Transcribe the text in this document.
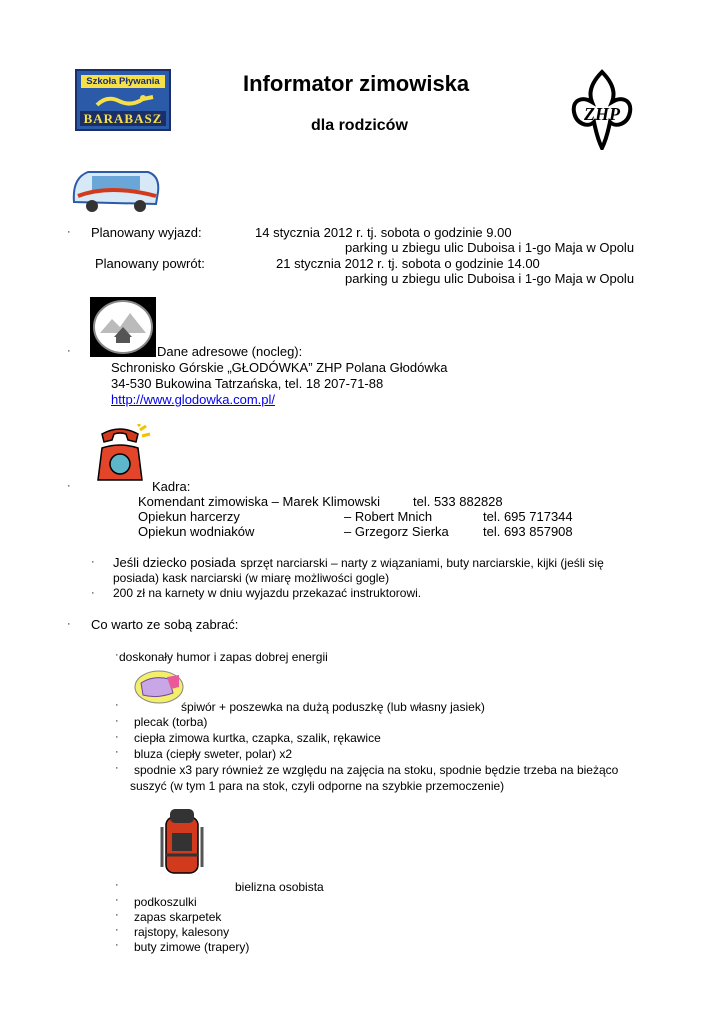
Szkoła Pływania
BARABASZ
Informator zimowiska
dla rodziców
ZHP
· Planowany wyjazd:	14 stycznia 2012 r. tj. sobota o godzinie 9.00
parking u zbiegu ulic Duboisa i 1-go Maja w Opolu
Planowany powrót:	21 stycznia 2012 r. tj. sobota o godzinie 14.00
parking u zbiegu ulic Duboisa i 1-go Maja w Opolu
·	Dane adresowe (nocleg):
Schronisko Górskie „GŁODÓWKA” ZHP Polana Głodówka
34-530 Bukowina Tatrzańska, tel. 18 207-71-88
http://www.glodowka.com.pl/
·	Kadra:
Komendant zimowiska – Marek Klimowski	tel. 533 882828
Opiekun harcerzy	– Robert Mnich	tel. 695 717344
Opiekun wodniaków	– Grzegorz Sierka	tel. 693 857908
· Jeśli dziecko posiada sprzęt narciarski – narty z wiązaniami, buty narciarskie, kijki (jeśli się
posiada) kask narciarski (w miarę możliwości gogle)
· 200 zł na karnety w dniu wyjazdu przekazać instruktorowi.
· Co warto ze sobą zabrać:
· doskonały humor i zapas dobrej energii
·	śpiwór + poszewka na dużą poduszkę (lub własny jasiek)
· plecak (torba)
· ciepła zimowa kurtka, czapka, szalik, rękawice
· bluza (ciepły sweter, polar) x2
· spodnie x3 pary również ze względu na zajęcia na stoku, spodnie będzie trzeba na bieżąco
suszyć (w tym 1 para na stok, czyli odporne na szybkie przemoczenie)
·	bielizna osobista
· podkoszulki
· zapas skarpetek
· rajstopy, kalesony
· buty zimowe (trapery)
